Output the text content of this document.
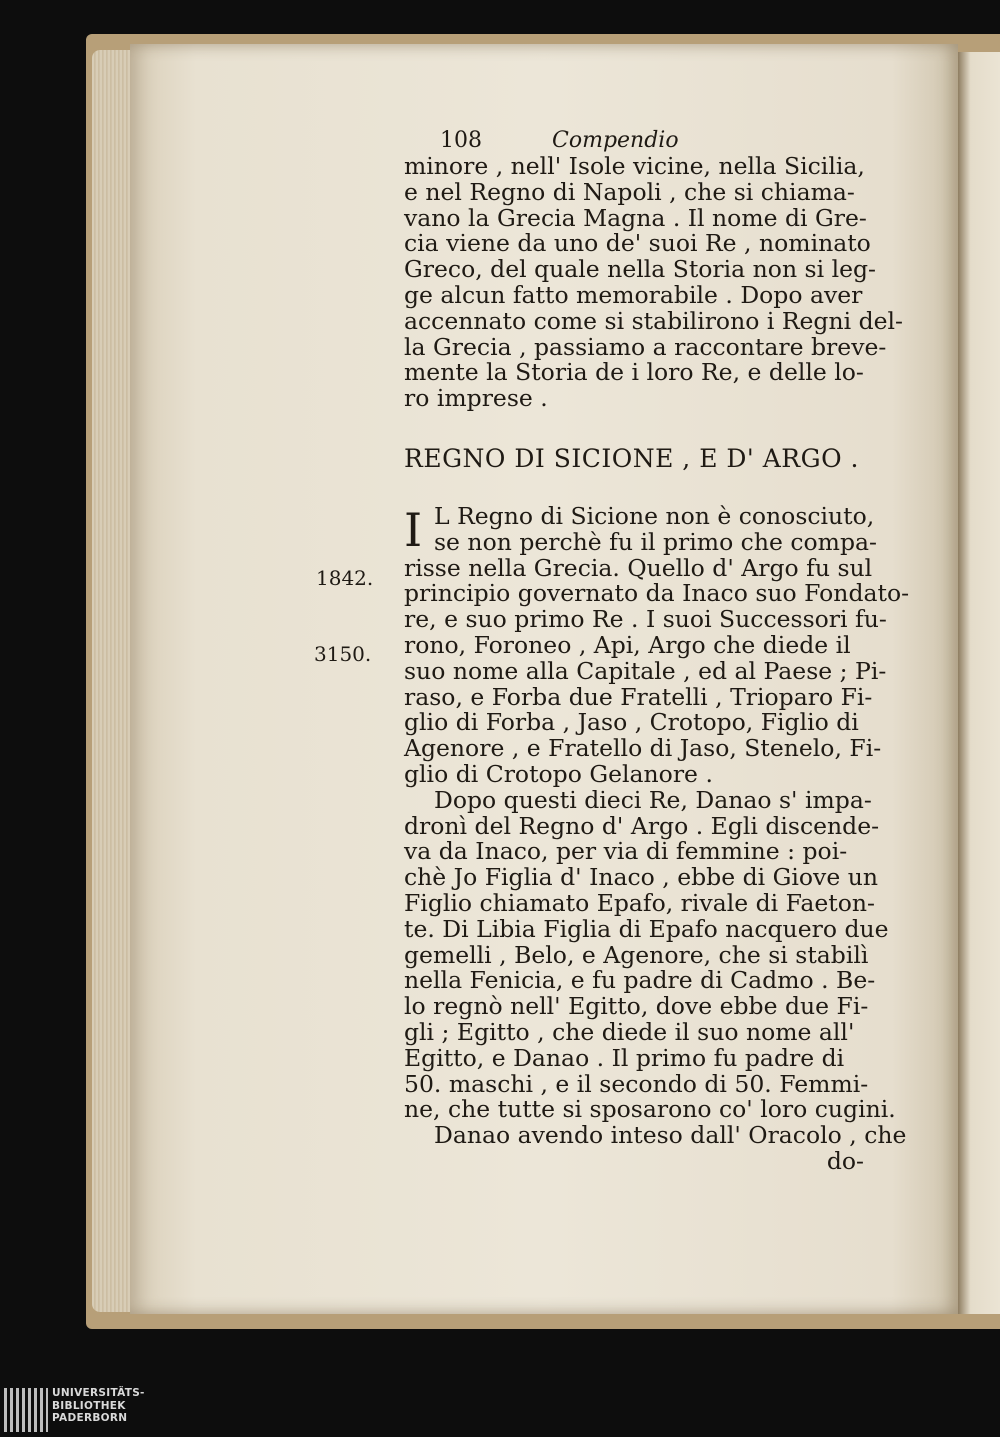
1842.
3150.
108	Compendio
minore , nell' Isole vicine, nella Sicilia,
e nel Regno di Napoli , che si chiama-
vano la Grecia Magna . Il nome di Gre-
cia viene da uno de' suoi Re , nominato
Greco, del quale nella Storia non si leg-
ge alcun fatto memorabile . Dopo aver
accennato come si stabilirono i Regni del-
la Grecia , passiamo a raccontare breve-
mente la Storia de i loro Re, e delle lo-
ro imprese .
REGNO DI SICIONE , E D' ARGO .
I L Regno di Sicione non è conosciuto,
se non perchè fu il primo che compa-
risse nella Grecia. Quello d' Argo fu sul
principio governato da Inaco suo Fondato-
re, e suo primo Re . I suoi Successori fu-
rono, Foroneo , Api, Argo che diede il
suo nome alla Capitale , ed al Paese ; Pi-
raso, e Forba due Fratelli , Trioparo Fi-
glio di Forba , Jaso , Crotopo, Figlio di
Agenore , e Fratello di Jaso, Stenelo, Fi-
glio di Crotopo Gelanore .
Dopo questi dieci Re, Danao s' impa-
dronì del Regno d' Argo . Egli discende-
va da Inaco, per via di femmine : poi-
chè Jo Figlia d' Inaco , ebbe di Giove un
Figlio chiamato Epafo, rivale di Faeton-
te. Di Libia Figlia di Epafo nacquero due
gemelli , Belo, e Agenore, che si stabilì
nella Fenicia, e fu padre di Cadmo . Be-
lo regnò nell' Egitto, dove ebbe due Fi-
gli ; Egitto , che diede il suo nome all'
Egitto, e Danao . Il primo fu padre di
50. maschi , e il secondo di 50. Femmi-
ne, che tutte si sposarono co' loro cugini.
Danao avendo inteso dall' Oracolo , che
do-
UNIVERSITÄTS-
BIBLIOTHEK
PADERBORN
